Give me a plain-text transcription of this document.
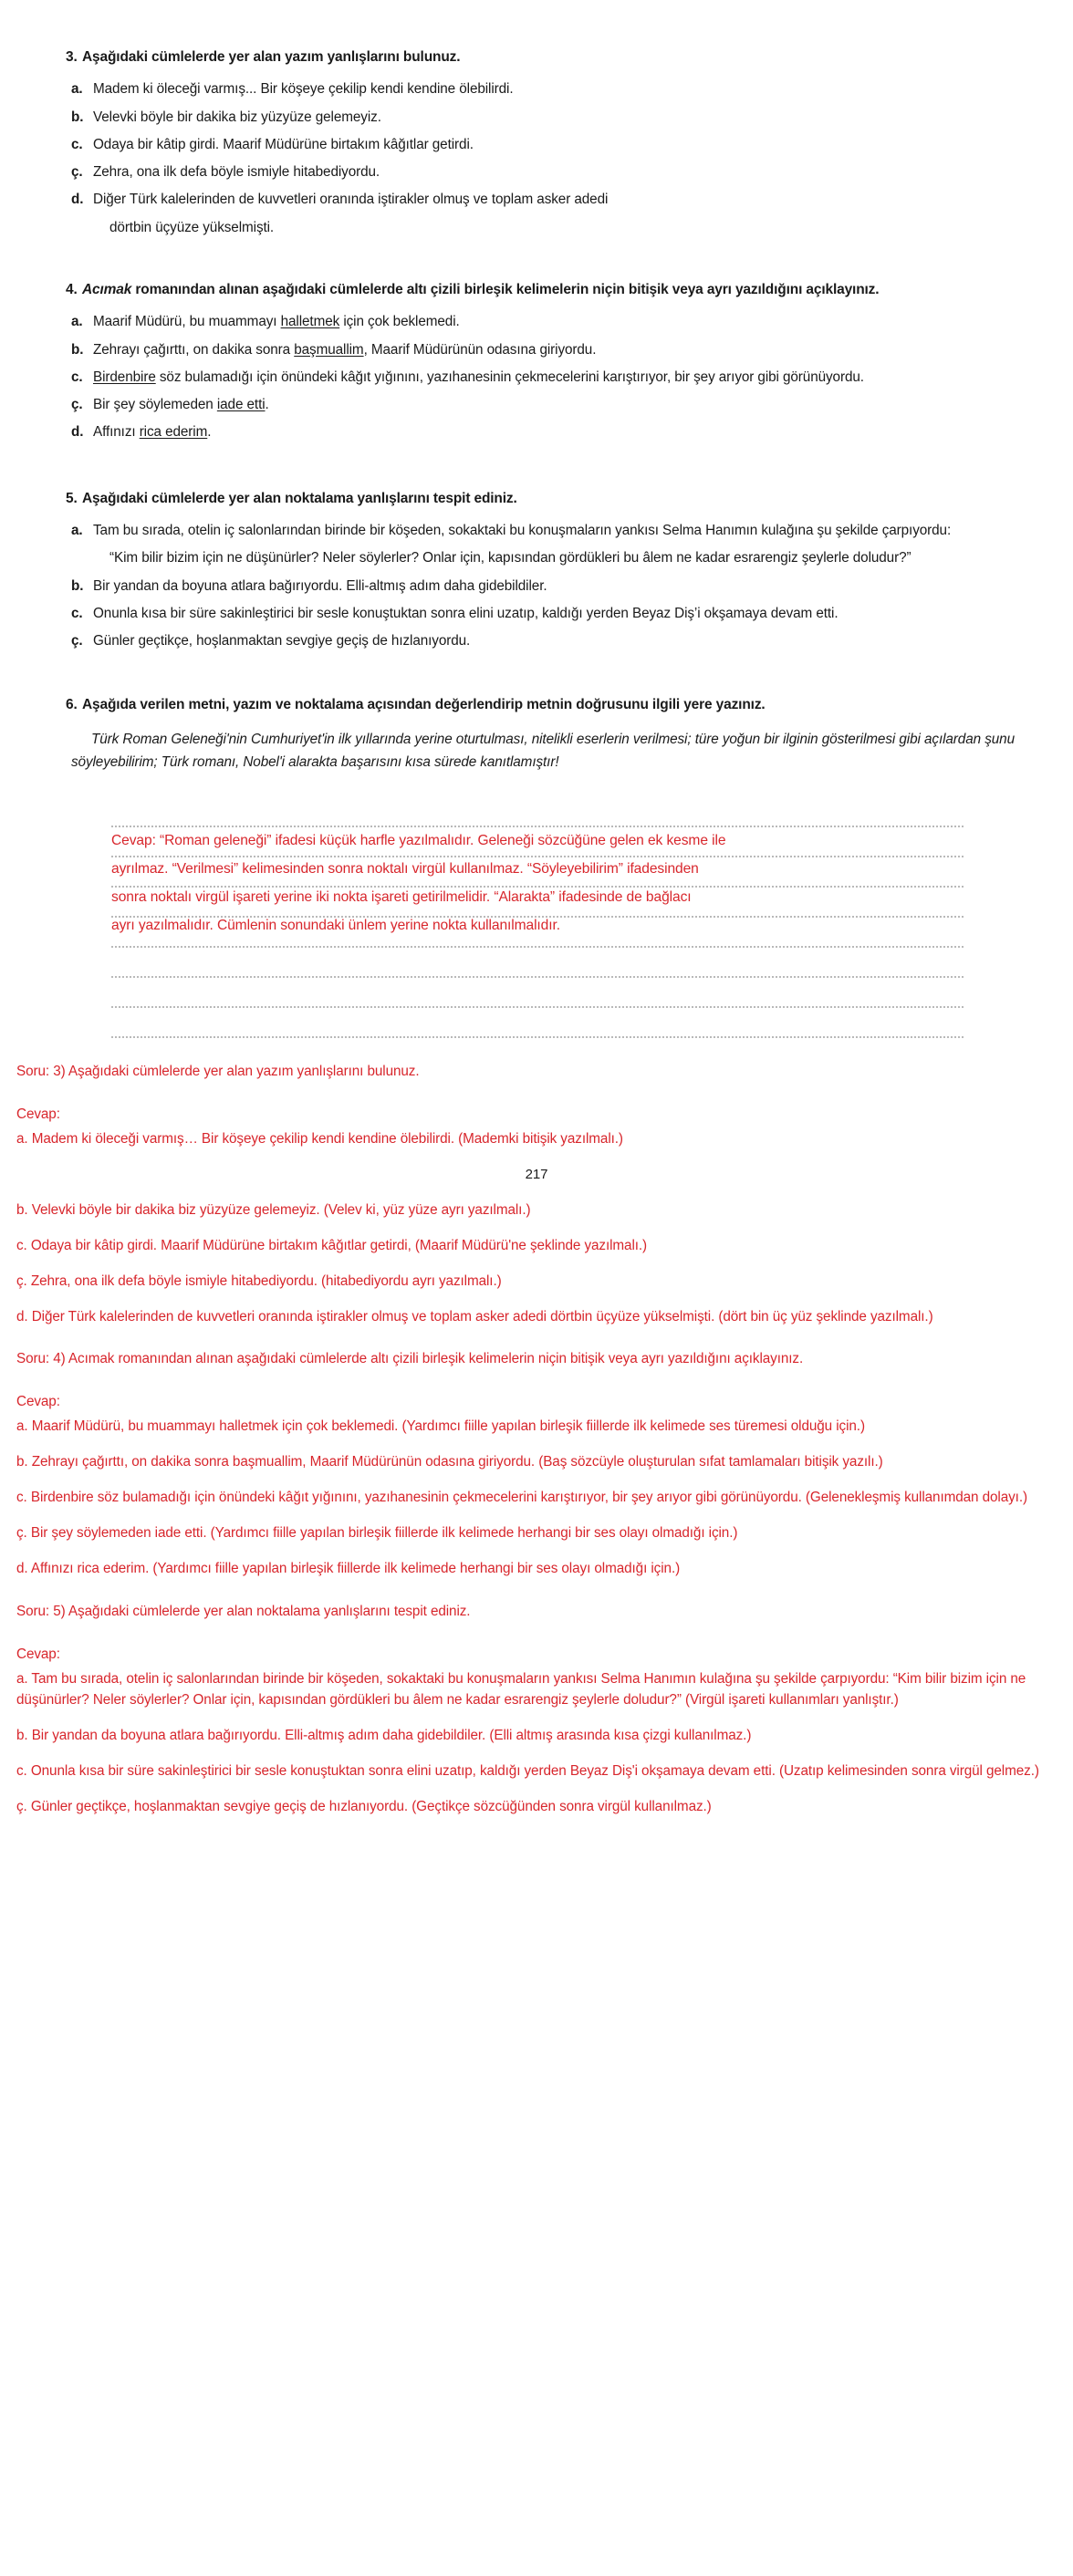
3. Aşağıdaki cümlelerde yer alan yazım yanlışlarını bulunuz.
a. Madem ki öleceği varmış... Bir köşeye çekilip kendi kendine ölebilirdi.
b. Velevki böyle bir dakika biz yüzyüze gelemeyiz.
c. Odaya bir kâtip girdi. Maarif Müdürüne birtakım kâğıtlar getirdi.
ç. Zehra, ona ilk defa böyle ismiyle hitabediyordu.
d. Diğer Türk kalelerinden de kuvvetleri oranında iştirakler olmuş ve toplam asker adedi
dörtbin üçyüze yükselmişti.
4. Acımak romanından alınan aşağıdaki cümlelerde altı çizili birleşik kelimelerin niçin bitişik veya ayrı yazıldığını açıklayınız.
a. Maarif Müdürü, bu muammayı halletmek için çok beklemedi.
b. Zehrayı çağırttı, on dakika sonra başmuallim, Maarif Müdürünün odasına giriyordu.
c. Birdenbire söz bulamadığı için önündeki kâğıt yığınını, yazıhanesinin çekmecelerini karıştırıyor, bir şey arıyor gibi görünüyordu.
ç. Bir şey söylemeden iade etti.
d. Affınızı rica ederim.
5. Aşağıdaki cümlelerde yer alan noktalama yanlışlarını tespit ediniz.
a. Tam bu sırada, otelin iç salonlarından birinde bir köşeden, sokaktaki bu konuşmaların yankısı Selma Hanımın kulağına şu şekilde çarpıyordu:
“Kim bilir bizim için ne düşünürler? Neler söylerler? Onlar için, kapısından gördükleri bu âlem ne kadar esrarengiz şeylerle doludur?”
b. Bir yandan da boyuna atlara bağırıyordu. Elli-altmış adım daha gidebildiler.
c. Onunla kısa bir süre sakinleştirici bir sesle konuştuktan sonra elini uzatıp, kaldığı yerden Beyaz Diş’i okşamaya devam etti.
ç. Günler geçtikçe, hoşlanmaktan sevgiye geçiş de hızlanıyordu.
6. Aşağıda verilen metni, yazım ve noktalama açısından değerlendirip metnin doğrusunu ilgili yere yazınız.
Türk Roman Geleneği'nin Cumhuriyet'in ilk yıllarında yerine oturtulması, nitelikli eserlerin verilmesi; türe yoğun bir ilginin gösterilmesi gibi açılardan şunu söyleyebilirim; Türk romanı, Nobel'i alarakta başarısını kısa sürede kanıtlamıştır!
Cevap: “Roman geleneği” ifadesi küçük harfle yazılmalıdır. Geleneği sözcüğüne gelen ek kesme ile
ayrılmaz. “Verilmesi” kelimesinden sonra noktalı virgül kullanılmaz. “Söyleyebilirim” ifadesinden
sonra noktalı virgül işareti yerine iki nokta işareti getirilmelidir. “Alarakta” ifadesinde de bağlacı
ayrı yazılmalıdır. Cümlenin sonundaki ünlem yerine nokta kullanılmalıdır.

Soru: 3) Aşağıdaki cümlelerde yer alan yazım yanlışlarını bulunuz.

Cevap:

a. Madem ki öleceği varmış… Bir köşeye çekilip kendi kendine ölebilirdi. (Mademki bitişik yazılmalı.)

217

b. Velevki böyle bir dakika biz yüzyüze gelemeyiz. (Velev ki, yüz yüze ayrı yazılmalı.)

c. Odaya bir kâtip girdi. Maarif Müdürüne birtakım kâğıtlar getirdi, (Maarif Müdürü'ne şeklinde yazılmalı.)

ç. Zehra, ona ilk defa böyle ismiyle hitabediyordu. (hitabediyordu ayrı yazılmalı.)

d. Diğer Türk kalelerinden de kuvvetleri oranında iştirakler olmuş ve toplam asker adedi dörtbin üçyüze yükselmişti. (dört bin üç yüz şeklinde yazılmalı.)

Soru: 4) Acımak romanından alınan aşağıdaki cümlelerde altı çizili birleşik kelimelerin niçin bitişik veya ayrı yazıldığını açıklayınız.

Cevap:

a. Maarif Müdürü, bu muammayı halletmek için çok beklemedi. (Yardımcı fiille yapılan birleşik fiillerde ilk kelimede ses türemesi olduğu için.)

b. Zehrayı çağırttı, on dakika sonra başmuallim, Maarif Müdürünün odasına giriyordu. (Baş sözcüyle oluşturulan sıfat tamlamaları bitişik yazılı.)

c. Birdenbire söz bulamadığı için önündeki kâğıt yığınını, yazıhanesinin çekmecelerini karıştırıyor, bir şey arıyor gibi görünüyordu. (Gelenekleşmiş kullanımdan dolayı.)

ç. Bir şey söylemeden iade etti. (Yardımcı fiille yapılan birleşik fiillerde ilk kelimede herhangi bir ses olayı olmadığı için.)

d. Affınızı rica ederim. (Yardımcı fiille yapılan birleşik fiillerde ilk kelimede herhangi bir ses olayı olmadığı için.)

Soru: 5) Aşağıdaki cümlelerde yer alan noktalama yanlışlarını tespit ediniz.

Cevap:

a. Tam bu sırada, otelin iç salonlarından birinde bir köşeden, sokaktaki bu konuşmaların yankısı Selma Hanımın kulağına şu şekilde çarpıyordu: “Kim bilir bizim için ne düşünürler? Neler söylerler? Onlar için, kapısından gördükleri bu âlem ne kadar esrarengiz şeylerle doludur?” (Virgül işareti kullanımları yanlıştır.)

b. Bir yandan da boyuna atlara bağırıyordu. Elli-altmış adım daha gidebildiler. (Elli altmış arasında kısa çizgi kullanılmaz.)

c. Onunla kısa bir süre sakinleştirici bir sesle konuştuktan sonra elini uzatıp, kaldığı yerden Beyaz Diş'i okşamaya devam etti. (Uzatıp kelimesinden sonra virgül gelmez.)

ç. Günler geçtikçe, hoşlanmaktan sevgiye geçiş de hızlanıyordu. (Geçtikçe sözcüğünden sonra virgül kullanılmaz.)
